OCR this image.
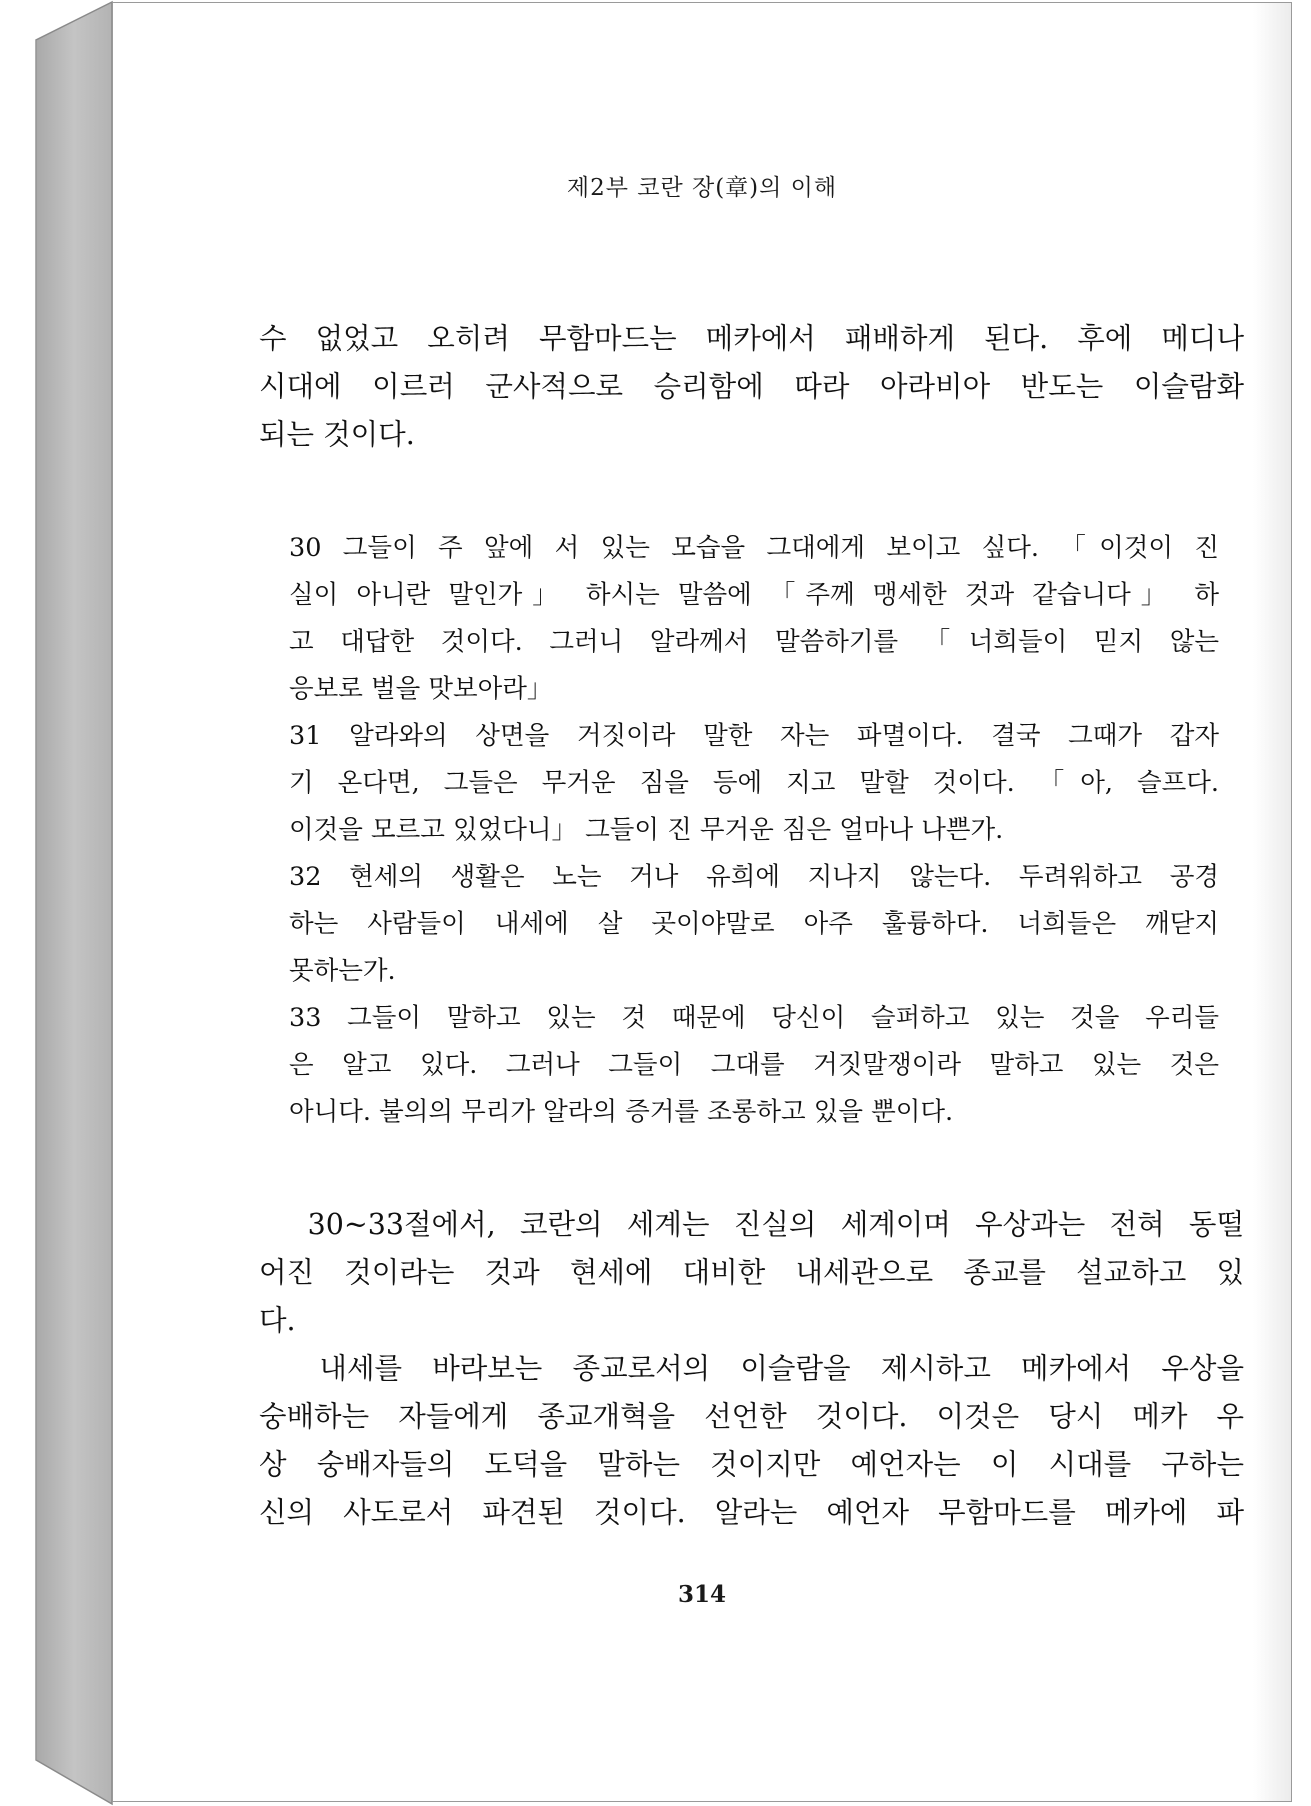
제2부 코란 장(章)의 이해
수 없었고 오히려 무함마드는 메카에서 패배하게 된다. 후에 메디나
시대에 이르러 군사적으로 승리함에 따라 아라비아 반도는 이슬람화
되는 것이다.
30 그들이 주 앞에 서 있는 모습을 그대에게 보이고 싶다. 「이것이 진
실이 아니란 말인가」 하시는 말씀에 「주께 맹세한 것과 같습니다」 하
고 대답한 것이다. 그러니 알라께서 말씀하기를 「너희들이 믿지 않는
응보로 벌을 맛보아라」
31 알라와의 상면을 거짓이라 말한 자는 파멸이다. 결국 그때가 갑자
기 온다면, 그들은 무거운 짐을 등에 지고 말할 것이다. 「아, 슬프다.
이것을 모르고 있었다니」 그들이 진 무거운 짐은 얼마나 나쁜가.
32 현세의 생활은 노는 거나 유희에 지나지 않는다. 두려워하고 공경
하는 사람들이 내세에 살 곳이야말로 아주 훌륭하다. 너희들은 깨닫지
못하는가.
33 그들이 말하고 있는 것 때문에 당신이 슬퍼하고 있는 것을 우리들
은 알고 있다. 그러나 그들이 그대를 거짓말쟁이라 말하고 있는 것은
아니다. 불의의 무리가 알라의 증거를 조롱하고 있을 뿐이다.
30~33절에서, 코란의 세계는 진실의 세계이며 우상과는 전혀 동떨
어진 것이라는 것과 현세에 대비한 내세관으로 종교를 설교하고 있
다.
내세를 바라보는 종교로서의 이슬람을 제시하고 메카에서 우상을
숭배하는 자들에게 종교개혁을 선언한 것이다. 이것은 당시 메카 우
상 숭배자들의 도덕을 말하는 것이지만 예언자는 이 시대를 구하는
신의 사도로서 파견된 것이다. 알라는 예언자 무함마드를 메카에 파
314
